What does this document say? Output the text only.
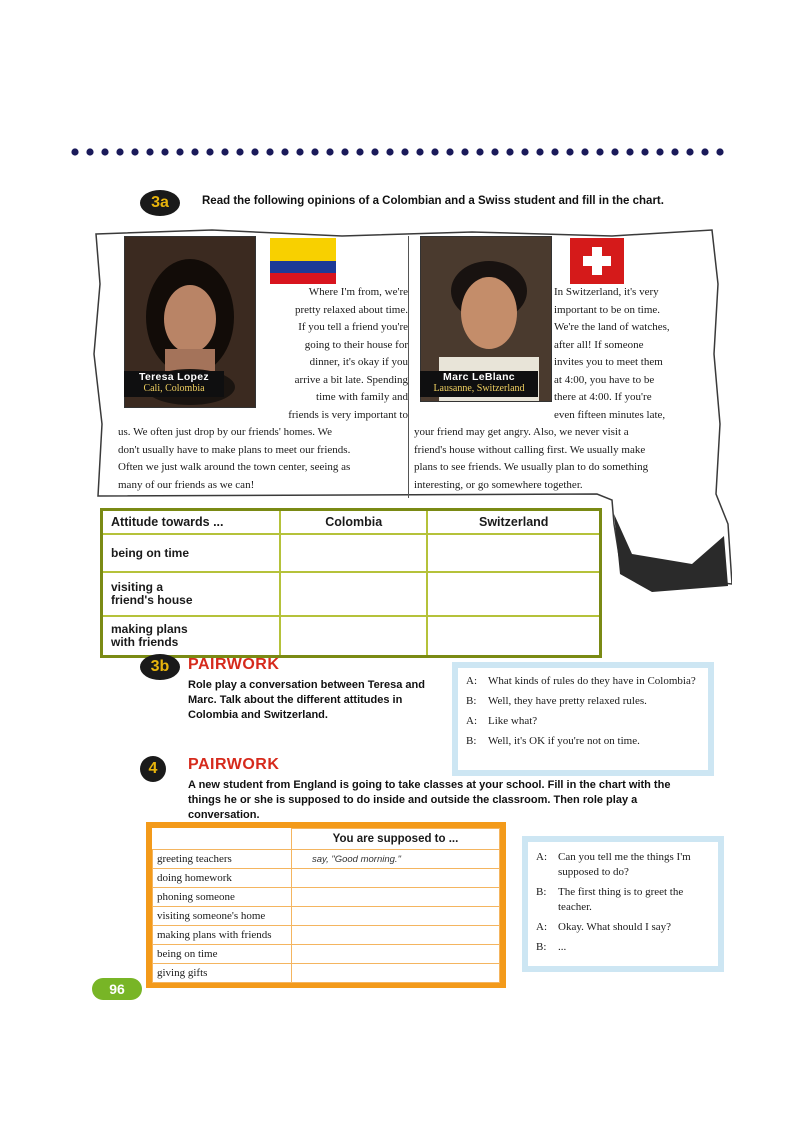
3a	Read the following opinions of a Colombian and a Swiss student and fill in the chart.
Teresa Lopez
Cali, Colombia
Where I'm from, we're
pretty relaxed about time.
If you tell a friend you're
going to their house for
dinner, it's okay if you
arrive a bit late. Spending
time with family and
friends is very important to
us. We often just drop by our friends' homes. We
don't usually have to make plans to meet our friends.
Often we just walk around the town center, seeing as
many of our friends as we can!
Marc LeBlanc
Lausanne, Switzerland
In Switzerland, it's very
important to be on time.
We're the land of watches,
after all! If someone
invites you to meet them
at 4:00, you have to be
there at 4:00. If you're
even fifteen minutes late,
your friend may get angry. Also, we never visit a
friend's house without calling first. We usually make
plans to see friends. We usually plan to do something
interesting, or go somewhere together.
Attitude towards ...	Colombia	Switzerland
being on time		
visiting a
friend's house		
making plans
with friends		
3b	PAIRWORK
Role play a conversation between Teresa and Marc. Talk about the different attitudes in Colombia and Switzerland.
A:	What kinds of rules do they have in Colombia?
B:	Well, they have pretty relaxed rules.
A:	Like what?
B:	Well, it's OK if you're not on time.
4	PAIRWORK
A new student from England is going to take classes at your school. Fill in the chart with the things he or she is supposed to do inside and outside the classroom. Then role play a conversation.
	You are supposed to ...
greeting teachers	say, "Good morning."
doing homework	
phoning someone	
visiting someone's home	
making plans with friends	
being on time	
giving gifts	
A:	Can you tell me the things I'm supposed to do?
B:	The first thing is to greet the teacher.
A:	Okay. What should I say?
B:	...
96
